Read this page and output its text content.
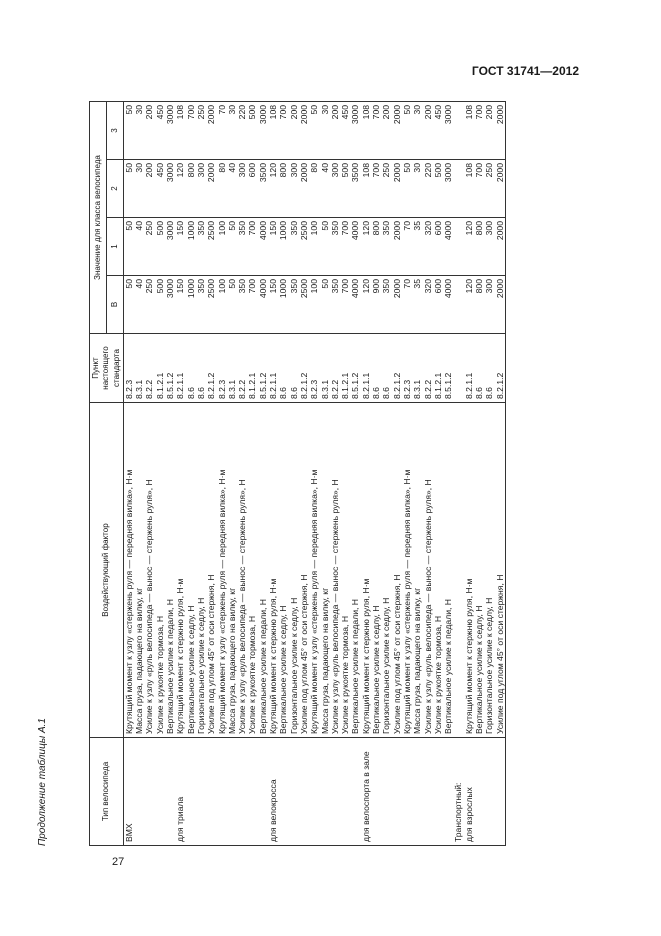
ГОСТ 31741—2012
Продолжение таблицы А.1	Тип велосипеда	Воздействующий фактор	Пункт настоящего стандарта	Значение для класса велосипеда			
			В	1	2	3
ВМХ	Крутящий момент к узлу «стержень руля — передняя вилка», Н·м	8.2.3	50	50	50	50
	Масса груза, падающего на вилку, кг	8.3.1	40	40	30	30
	Усилие к узлу «руль велосипеда — вынос — стержень руля», Н	8.2.2	250	250	200	200
	Усилие к рукоятке тормоза, Н	8.1.2.1	500	500	450	450
	Вертикальное усилие к педали, Н	8.5.1.2	3000	3000	3000	3000
для триала	Крутящий момент к стержню руля, Н·м	8.2.1.1	150	150	120	108
	Вертикальное усилие к седлу, Н	8.6	1000	1000	800	700
	Горизонтальное усилие к седлу, Н	8.6	350	350	300	250
	Усилие под углом 45° от оси стержня, Н	8.2.1.2	2500	2500	2000	2000
	Крутящий момент к узлу «стержень руля — передняя вилка», Н·м	8.2.3	100	100	80	70
	Масса груза, падающего на вилку, кг	8.3.1	50	50	40	30
	Усилие к узлу «руль велосипеда — вынос — стержень руля», Н	8.2.2	350	350	300	220
	Усилие к рукоятке тормоза, Н	8.1.2.1	700	700	600	500
	Вертикальное усилие к педали, Н	8.5.1.2	4000	4000	3500	3000
для велокросса	Крутящий момент к стержню руля, Н·м	8.2.1.1	150	150	120	108
	Вертикальное усилие к седлу, Н	8.6	1000	1000	800	700
	Горизонтальное усилие к седлу, Н	8.6	350	350	300	200
	Усилие под углом 45° от оси стержня, Н	8.2.1.2	2500	2500	2000	2000
	Крутящий момент к узлу «стержень руля — передняя вилка», Н·м	8.2.3	100	100	80	50
	Масса груза, падающего на вилку, кг	8.3.1	50	50	40	30
	Усилие к узлу «руль велосипеда — вынос — стержень руля», Н	8.2.2	350	350	300	200
	Усилие к рукоятке тормоза, Н	8.1.2.1	700	700	500	450
	Вертикальное усилие к педали, Н	8.5.1.2	4000	4000	3500	3000
для велоспорта в зале	Крутящий момент к стержню руля, Н·м	8.2.1.1	120	120	108	108
	Вертикальное усилие к седлу, Н	8.6	900	800	700	700
	Горизонтальное усилие к седлу, Н	8.6	350	350	250	200
	Усилие под углом 45° от оси стержня, Н	8.2.1.2	2000	2000	2000	2000
	Крутящий момент к узлу «стержень руля — передняя вилка», Н·м	8.2.3	70	70	50	50
	Масса груза, падающего на вилку, кг	8.3.1	35	35	30	30
	Усилие к узлу «руль велосипеда — вынос — стержень руля», Н	8.2.2	320	320	220	200
	Усилие к рукоятке тормоза, Н	8.1.2.1	600	600	500	450
	Вертикальное усилие к педали, Н	8.5.1.2	4000	4000	3000	3000

Транспортный:						
для взрослых	Крутящий момент к стержню руля, Н·м	8.2.1.1	120	120	108	108
	Вертикальное усилие к седлу, Н	8.6	800	800	700	700
	Горизонтальное усилие к седлу, Н	8.6	300	300	250	200
	Усилие под углом 45° от оси стержня, Н	8.2.1.2	2000	2000	2000	2000
27
